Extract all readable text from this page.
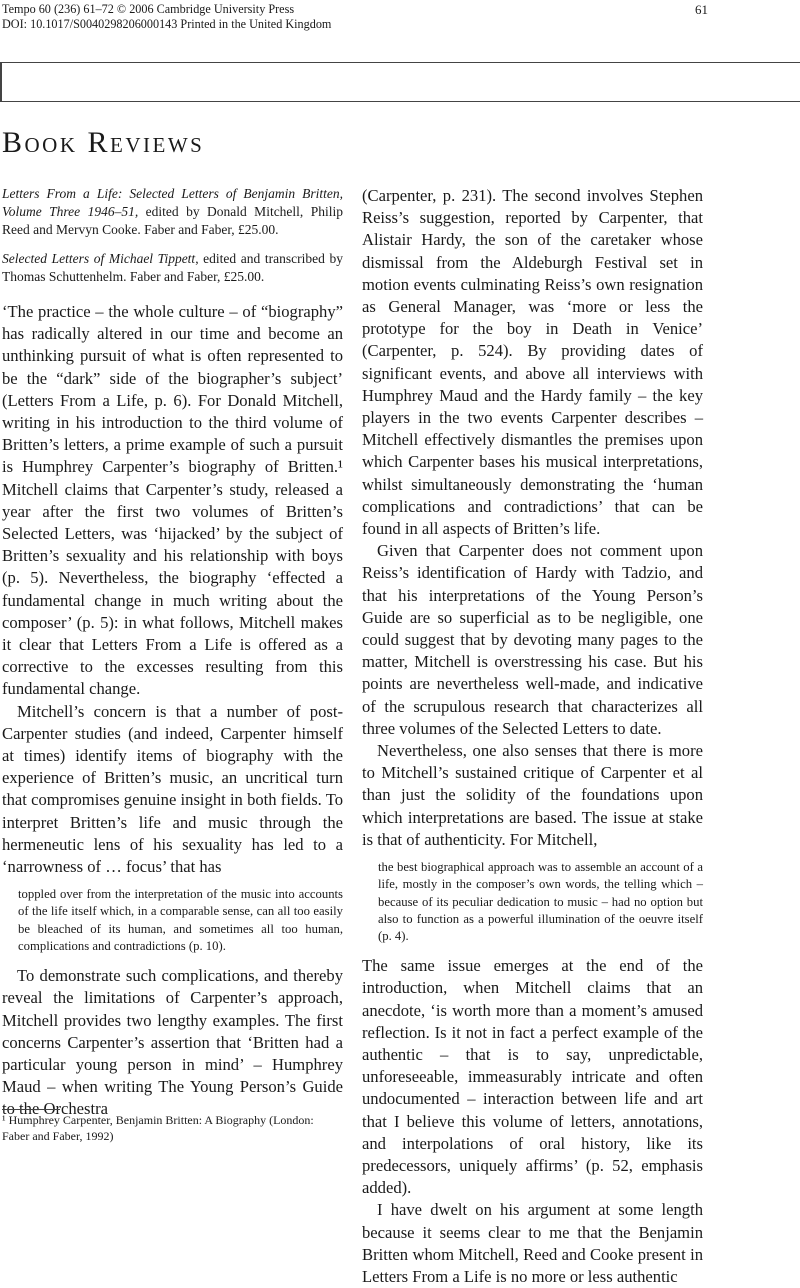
Tempo 60 (236) 61–72 © 2006 Cambridge University Press
DOI: 10.1017/S0040298206000143 Printed in the United Kingdom
61
Book Reviews

Letters From a Life: Selected Letters of Benjamin Britten, Volume Three 1946–51, edited by Donald Mitchell, Philip Reed and Mervyn Cooke. Faber and Faber, £25.00.

Selected Letters of Michael Tippett, edited and transcribed by Thomas Schuttenhelm. Faber and Faber, £25.00.

‘The practice – the whole culture – of “biography” has radically altered in our time and become an unthinking pursuit of what is often represented to be the “dark” side of the biographer’s subject’ (Letters From a Life, p. 6). For Donald Mitchell, writing in his introduction to the third volume of Britten’s letters, a prime example of such a pursuit is Humphrey Carpenter’s biography of Britten.¹ Mitchell claims that Carpenter’s study, released a year after the first two volumes of Britten’s Selected Letters, was ‘hijacked’ by the subject of Britten’s sexuality and his relationship with boys (p. 5). Nevertheless, the biography ‘effected a fundamental change in much writing about the composer’ (p. 5): in what follows, Mitchell makes it clear that Letters From a Life is offered as a corrective to the excesses resulting from this fundamental change.

Mitchell’s concern is that a number of post-Carpenter studies (and indeed, Carpenter himself at times) identify items of biography with the experience of Britten’s music, an uncritical turn that compromises genuine insight in both fields. To interpret Britten’s life and music through the hermeneutic lens of his sexuality has led to a ‘narrowness of … focus’ that has

toppled over from the interpretation of the music into accounts of the life itself which, in a comparable sense, can all too easily be bleached of its human, and sometimes all too human, complications and contradictions (p. 10).

To demonstrate such complications, and thereby reveal the limitations of Carpenter’s approach, Mitchell provides two lengthy examples. The first concerns Carpenter’s assertion that ‘Britten had a particular young person in mind’ – Humphrey Maud – when writing The Young Person’s Guide to the Orchestra

(Carpenter, p. 231). The second involves Stephen Reiss’s suggestion, reported by Carpenter, that Alistair Hardy, the son of the caretaker whose dismissal from the Aldeburgh Festival set in motion events culminating Reiss’s own resignation as General Manager, was ‘more or less the prototype for the boy in Death in Venice’ (Carpenter, p. 524). By providing dates of significant events, and above all interviews with Humphrey Maud and the Hardy family – the key players in the two events Carpenter describes – Mitchell effectively dismantles the premises upon which Carpenter bases his musical interpretations, whilst simultaneously demonstrating the ‘human complications and contradictions’ that can be found in all aspects of Britten’s life.

Given that Carpenter does not comment upon Reiss’s identification of Hardy with Tadzio, and that his interpretations of the Young Person’s Guide are so superficial as to be negligible, one could suggest that by devoting many pages to the matter, Mitchell is overstressing his case. But his points are nevertheless well-made, and indicative of the scrupulous research that characterizes all three volumes of the Selected Letters to date.

Nevertheless, one also senses that there is more to Mitchell’s sustained critique of Carpenter et al than just the solidity of the foundations upon which interpretations are based. The issue at stake is that of authenticity. For Mitchell,

the best biographical approach was to assemble an account of a life, mostly in the composer’s own words, the telling which – because of its peculiar dedication to music – had no option but also to function as a powerful illumination of the oeuvre itself (p. 4).

The same issue emerges at the end of the introduction, when Mitchell claims that an anecdote, ‘is worth more than a moment’s amused reflection. Is it not in fact a perfect example of the authentic – that is to say, unpredictable, unforeseeable, immeasurably intricate and often undocumented – interaction between life and art that I believe this volume of letters, annotations, and interpolations of oral history, like its predecessors, uniquely affirms’ (p. 52, emphasis added).

I have dwelt on his argument at some length because it seems clear to me that the Benjamin Britten whom Mitchell, Reed and Cooke present in Letters From a Life is no more or less authentic

¹ Humphrey Carpenter, Benjamin Britten: A Biography (London: Faber and Faber, 1992)
